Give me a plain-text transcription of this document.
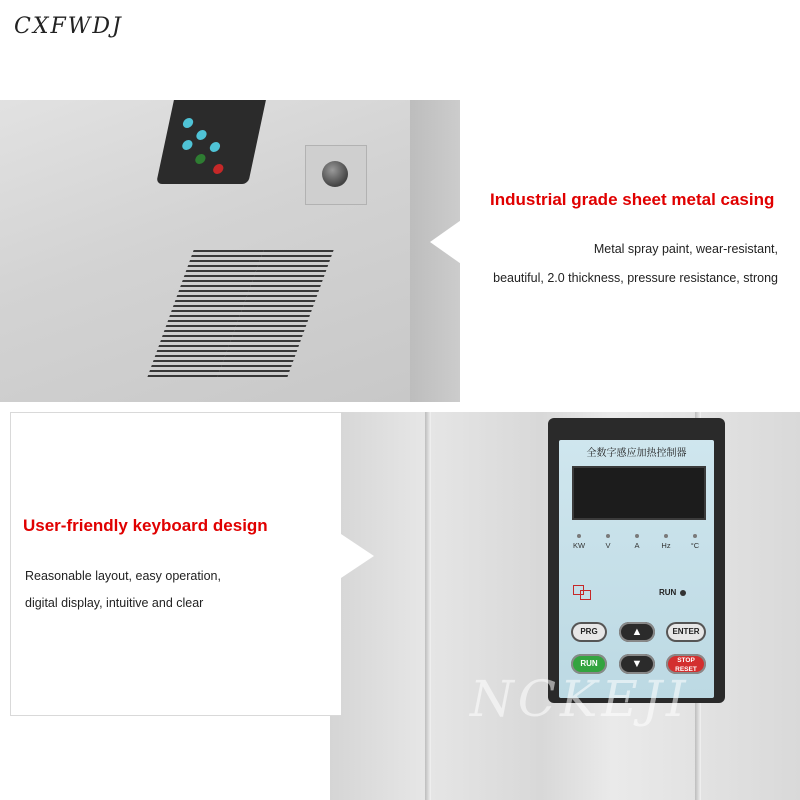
CXFWDJ
Industrial grade sheet metal casing
Metal spray paint, wear-resistant,
beautiful, 2.0 thickness, pressure resistance, strong
User-friendly keyboard design
Reasonable layout, easy operation,
digital display, intuitive and clear
全数字感应加热控制器
KW	V	A	Hz	°C
RUN
PRG	▲	ENTER
RUN	▼	STOP
RESET
NCKEJI
